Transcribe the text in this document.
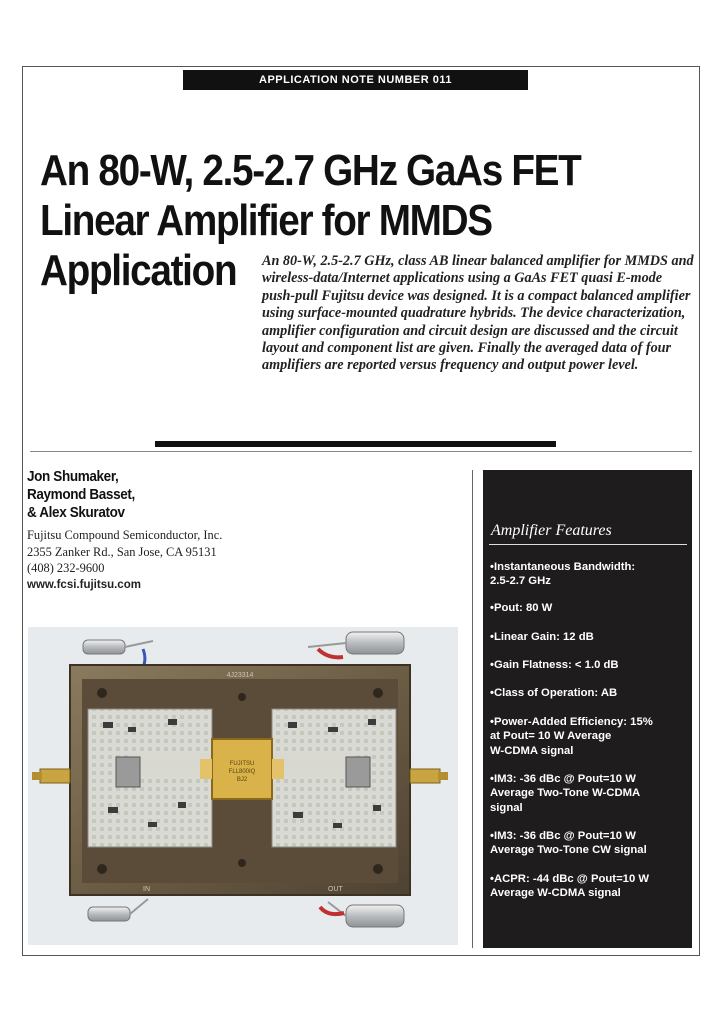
APPLICATION NOTE NUMBER 011
An 80-W, 2.5-2.7 GHz GaAs FET
Linear Amplifier for MMDS
Application	An 80-W, 2.5-2.7 GHz, class AB linear balanced amplifier for MMDS and wireless-data/Internet applications using a GaAs FET quasi E-mode push-pull Fujitsu device was designed. It is a compact balanced amplifier using surface-mounted quadrature hybrids. The device characterization, amplifier configuration and circuit design are discussed and the circuit layout and component list are given. Finally the averaged data of four amplifiers are reported versus frequency and output power level.
Jon Shumaker,
Raymond Basset,
& Alex Skuratov
Fujitsu Compound Semiconductor, Inc.
2355 Zanker Rd., San Jose, CA 95131
(408) 232-9600
www.fcsi.fujitsu.com
FUJITSU
FLL800IQ
BJ2
4J23314
IN	OUT
Amplifier Features
•Instantaneous Bandwidth:
2.5-2.7 GHz
•Pout: 80 W
•Linear Gain: 12 dB
•Gain Flatness: < 1.0 dB
•Class of Operation: AB
•Power-Added Efficiency: 15%
at Pout= 10 W Average
W-CDMA signal
•IM3: -36 dBc @ Pout=10 W
Average Two-Tone W-CDMA
signal
•IM3: -36 dBc @ Pout=10 W
Average Two-Tone CW signal
•ACPR: -44 dBc @ Pout=10 W
Average W-CDMA signal
